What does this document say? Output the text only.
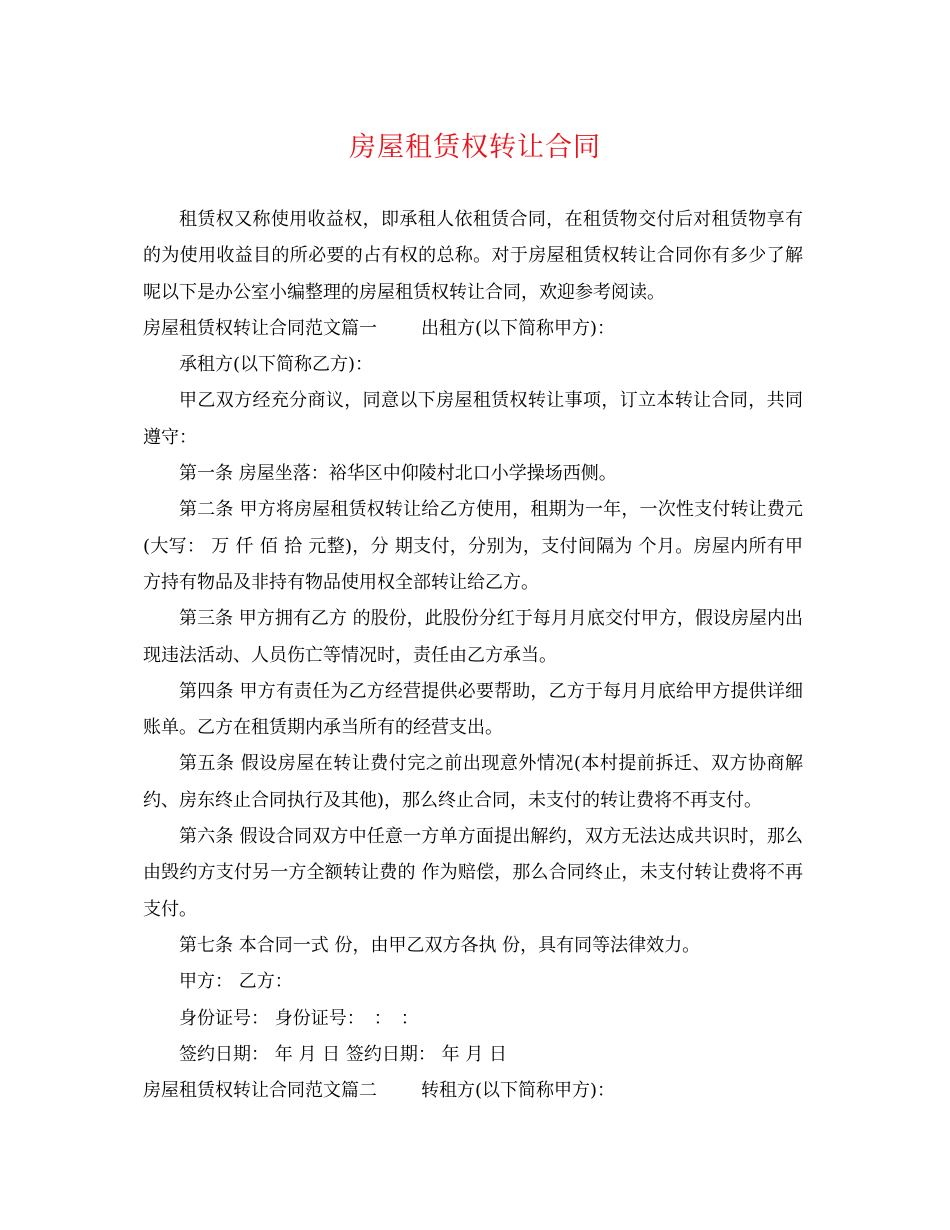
房屋租赁权转让合同

租赁权又称使用收益权，即承租人依租赁合同，在租赁物交付后对租赁物享有的为使用收益目的所必要的占有权的总称。对于房屋租赁权转让合同你有多少了解呢以下是办公室小编整理的房屋租赁权转让合同，欢迎参考阅读。

房屋租赁权转让合同范文篇一 出租方(以下简称甲方)：

承租方(以下简称乙方)：

甲乙双方经充分商议，同意以下房屋租赁权转让事项，订立本转让合同，共同遵守：

第一条 房屋坐落：裕华区中仰陵村北口小学操场西侧。

第二条 甲方将房屋租赁权转让给乙方使用，租期为一年，一次性支付转让费元(大写： 万 仟 佰 拾 元整)，分 期支付，分别为，支付间隔为 个月。房屋内所有甲方持有物品及非持有物品使用权全部转让给乙方。

第三条 甲方拥有乙方 的股份，此股份分红于每月月底交付甲方，假设房屋内出现违法活动、人员伤亡等情况时，责任由乙方承当。

第四条 甲方有责任为乙方经营提供必要帮助，乙方于每月月底给甲方提供详细账单。乙方在租赁期内承当所有的经营支出。

第五条 假设房屋在转让费付完之前出现意外情况(本村提前拆迁、双方协商解约、房东终止合同执行及其他)，那么终止合同，未支付的转让费将不再支付。

第六条 假设合同双方中任意一方单方面提出解约，双方无法达成共识时，那么由毁约方支付另一方全额转让费的 作为赔偿，那么合同终止，未支付转让费将不再支付。

第七条 本合同一式 份，由甲乙双方各执 份，具有同等法律效力。

甲方： 乙方：

身份证号： 身份证号：　：　：

签约日期： 年 月 日 签约日期： 年 月 日

房屋租赁权转让合同范文篇二 转租方(以下简称甲方)：
